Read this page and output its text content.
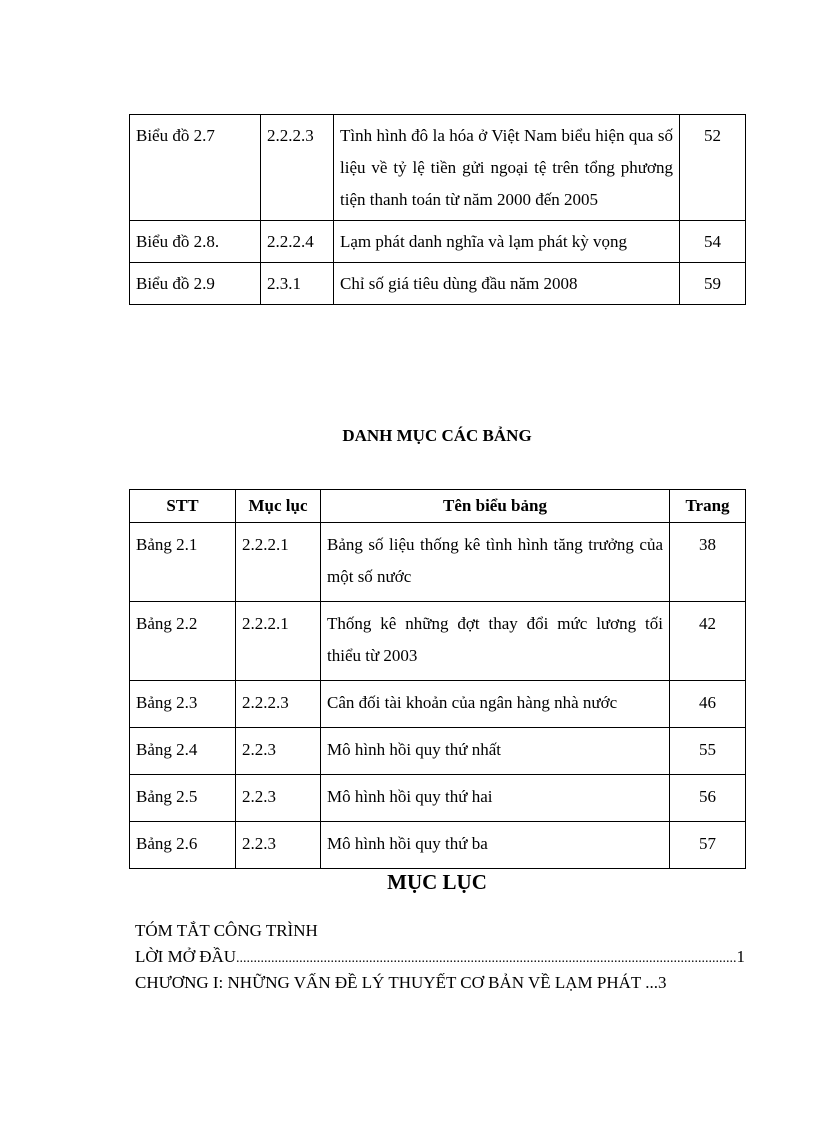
Biểu đồ 2.7	2.2.2.3	Tình hình đô la hóa ở Việt Nam biểu hiện qua số liệu về tỷ lệ tiền gửi ngoại tệ trên tổng phương tiện thanh toán từ năm 2000 đến 2005	52
Biểu đồ 2.8.	2.2.2.4	Lạm phát danh nghĩa và lạm phát kỳ vọng	54
Biểu đồ 2.9	2.3.1	Chỉ số giá tiêu dùng đầu năm 2008	59
DANH MỤC CÁC BẢNG
STT	Mục lục	Tên biểu bảng	Trang
Bảng 2.1	2.2.2.1	Bảng số liệu thống kê tình hình tăng trưởng của một số nước	38
Bảng 2.2	2.2.2.1	Thống kê những đợt thay đổi mức lương tối thiểu từ 2003	42
Bảng 2.3	2.2.2.3	Cân đối tài khoản của ngân hàng nhà nước	46
Bảng 2.4	2.2.3	Mô hình hồi quy thứ nhất	55
Bảng 2.5	2.2.3	Mô hình hồi quy thứ hai	56
Bảng 2.6	2.2.3	Mô hình hồi quy thứ ba	57
MỤC LỤC
TÓM TẮT CÔNG TRÌNH
LỜI MỞ ĐẦU .....	1
CHƯƠNG I: NHỮNG VẤN ĐỀ LÝ THUYẾT CƠ BẢN VỀ LẠM PHÁT ... 3
